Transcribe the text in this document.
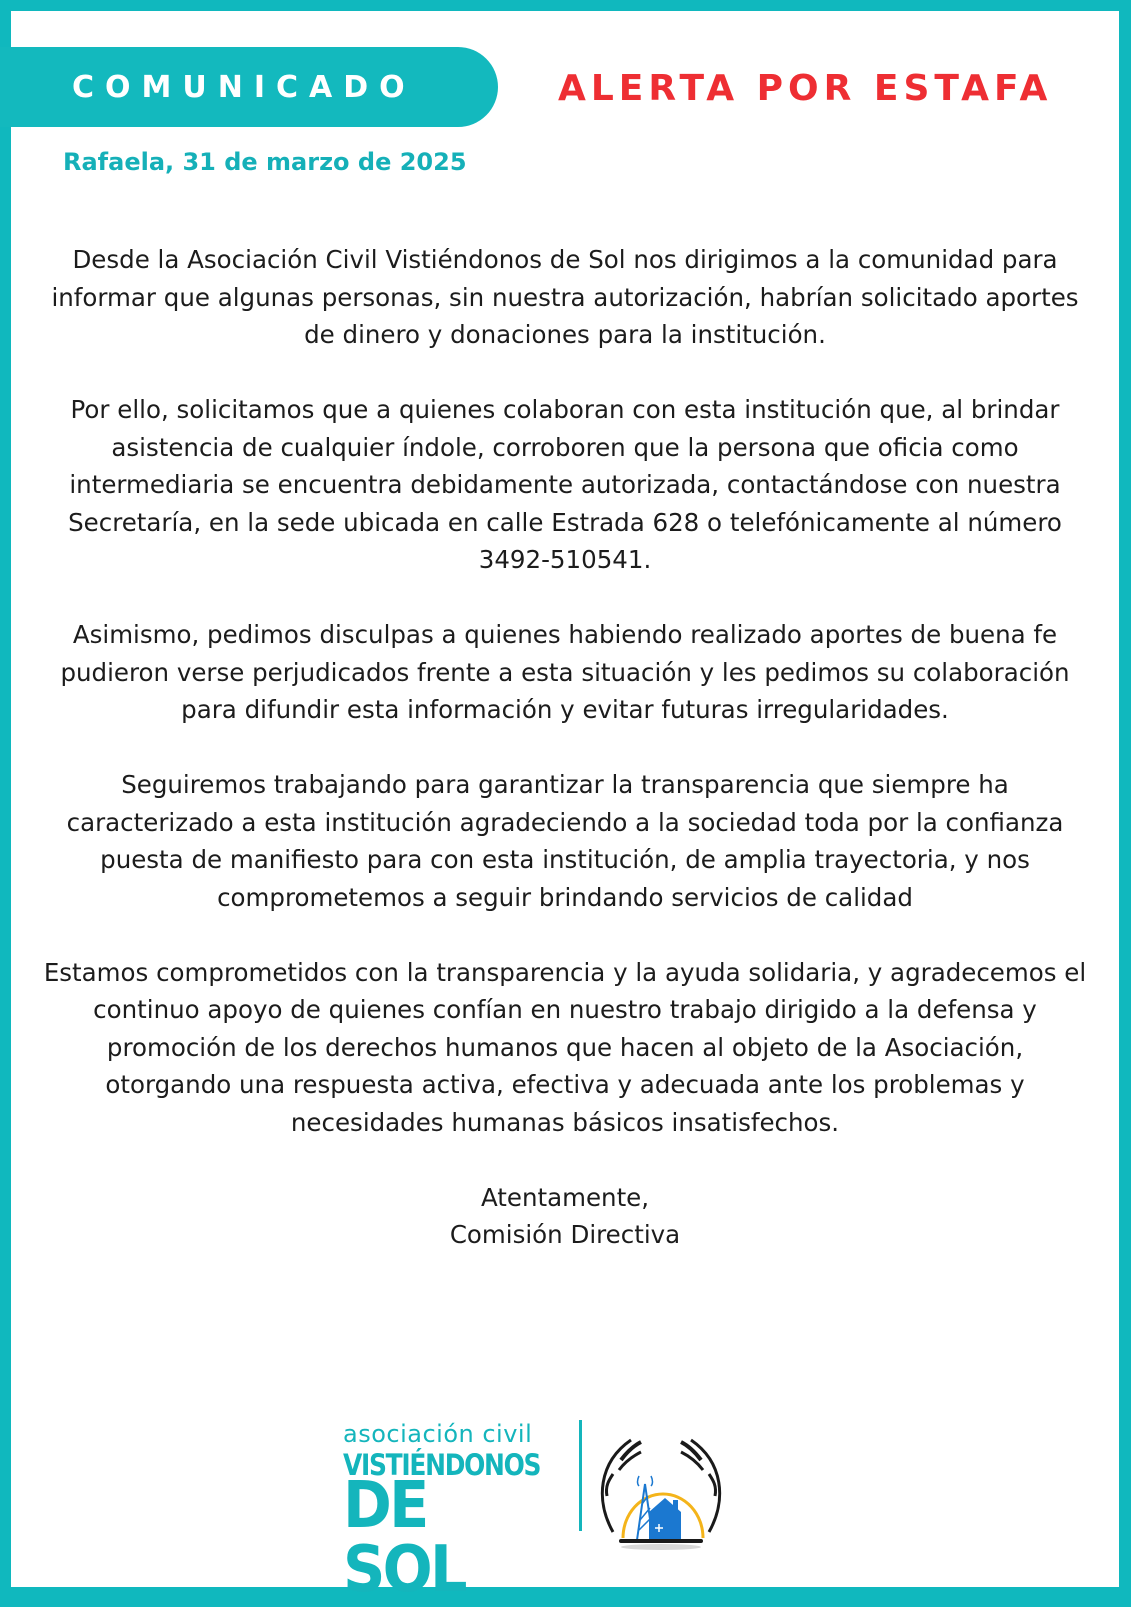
COMUNICADO	ALERTA POR ESTAFA
Rafaela, 31 de marzo de 2025

Desde la Asociación Civil Vistiéndonos de Sol nos dirigimos a la comunidad para informar que algunas personas, sin nuestra autorización, habrían solicitado aportes de dinero y donaciones para la institución.

Por ello, solicitamos que a quienes colaboran con esta institución que, al brindar asistencia de cualquier índole, corroboren que la persona que oficia como intermediaria se encuentra debidamente autorizada, contactándose con nuestra Secretaría, en la sede ubicada en calle Estrada 628 o telefónicamente al número 3492-510541.

Asimismo, pedimos disculpas a quienes habiendo realizado aportes de buena fe pudieron verse perjudicados frente a esta situación y les pedimos su colaboración para difundir esta información y evitar futuras irregularidades.

Seguiremos trabajando para garantizar la transparencia que siempre ha caracterizado a esta institución agradeciendo a la sociedad toda por la confianza puesta de manifiesto para con esta institución, de amplia trayectoria, y nos comprometemos a seguir brindando servicios de calidad

Estamos comprometidos con la transparencia y la ayuda solidaria, y agradecemos el continuo apoyo de quienes confían en nuestro trabajo dirigido a la defensa y promoción de los derechos humanos que hacen al objeto de la Asociación, otorgando una respuesta activa, efectiva y adecuada ante los problemas y necesidades humanas básicos insatisfechos.

Atentamente,
Comisión Directiva
asociación civil
VISTIÉNDONOS
DE SOL
